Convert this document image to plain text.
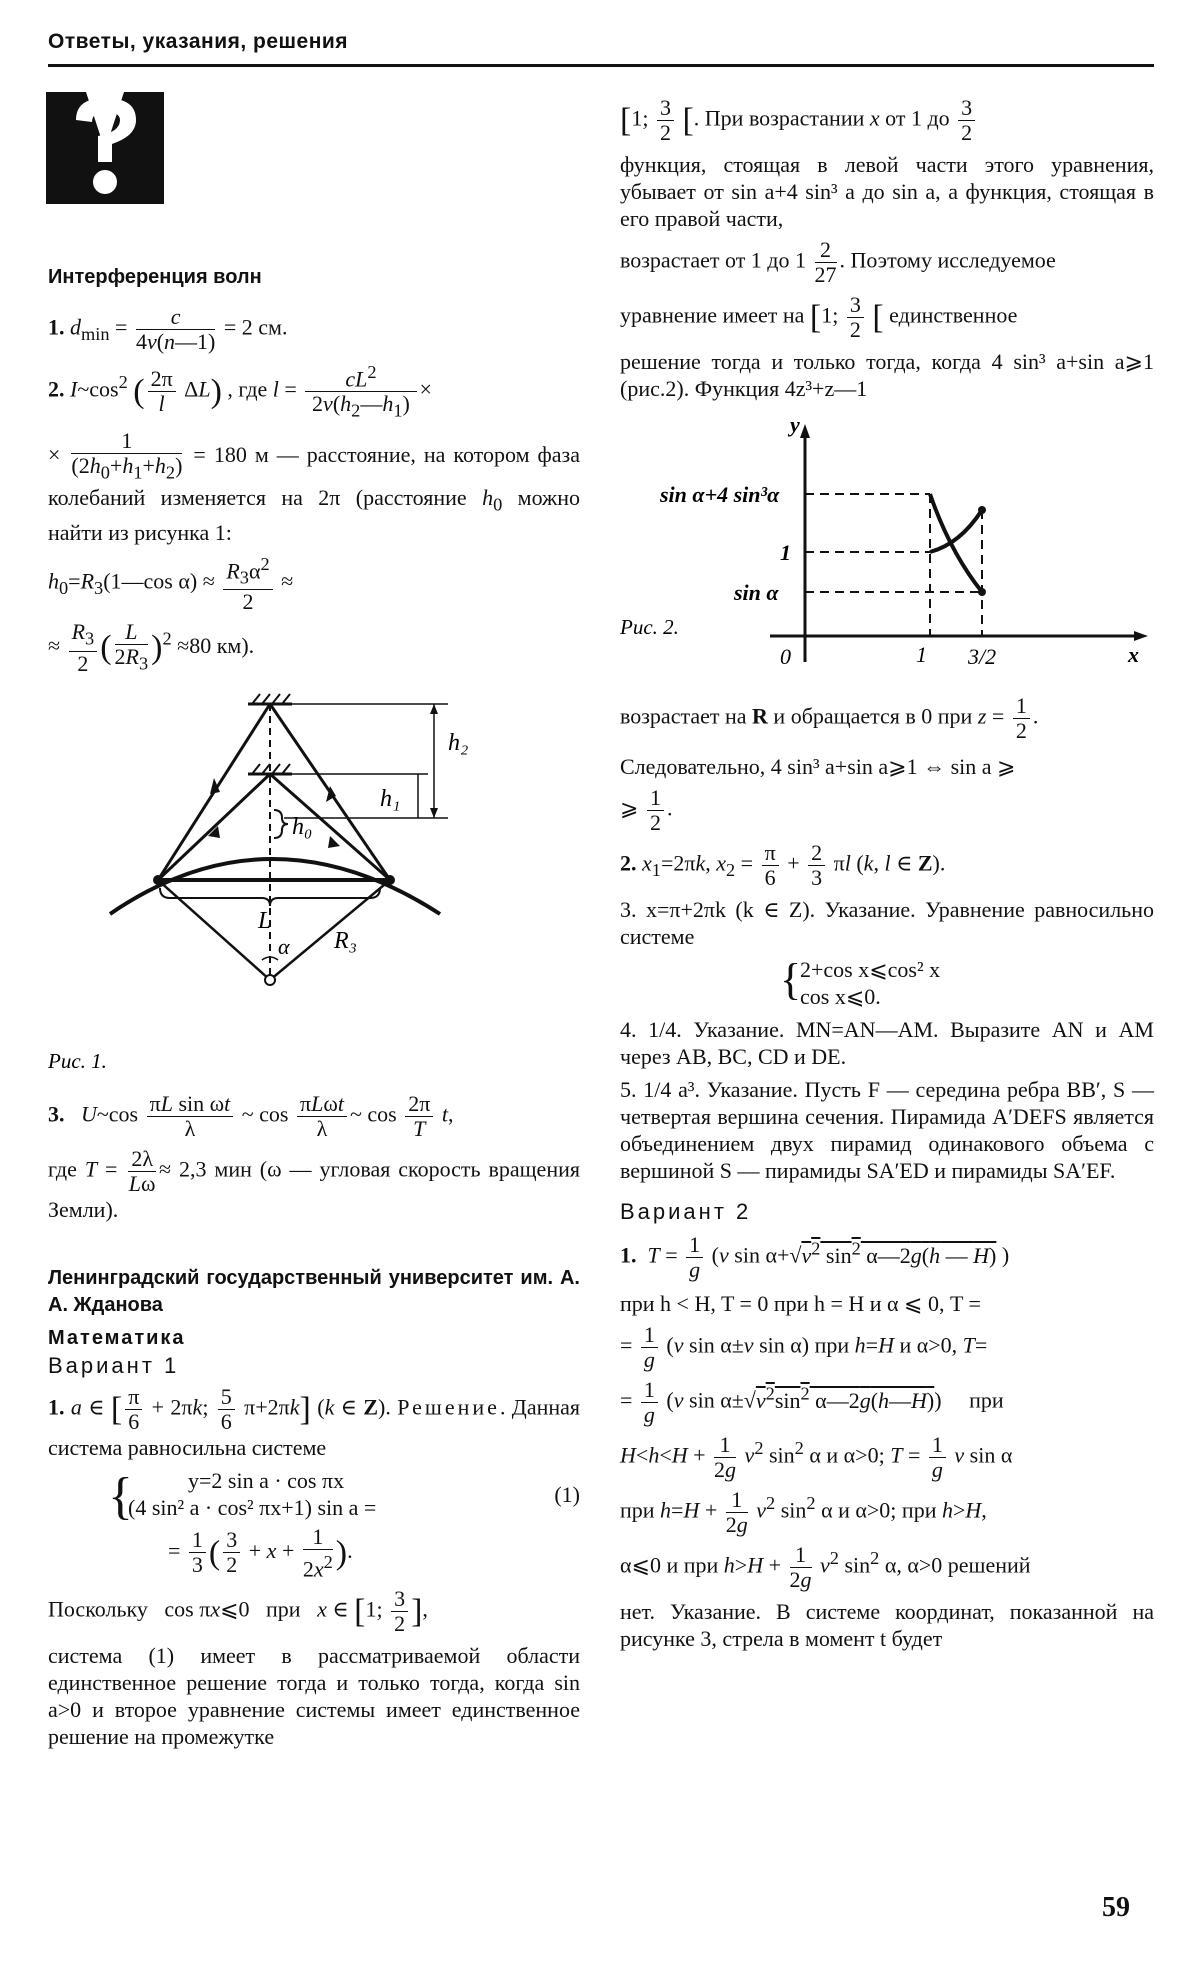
Ответы, указания, решения

Интерференция волн

1. $d_{min} = \frac{c}{4\nu(n—1)} = 2$ см.

2. $I\sim\cos^2$ ( $\frac{2\pi}{l} \Delta L$) , где $l = \frac{cL^2}{2\nu(h_2—h_1)}$ ×

× $\frac{1}{(2h_0+h_1+h_2)} = 180$ м — расстояние, на котором фаза колебаний изменяется на 2π (расстояние $h_0$ можно найти из рисунка 1:

$h_0=R_3(1—\cos$ $\alpha) \approx \frac{R_3\alpha^2}{2}$ ≈

≈ $\frac{R_3}{2}$ ( $\frac{L}{2R_3} )^2 \approx 80$ км).

h₂
h₁
h₀
L
R₃
α
Рис. 1.

3. U~cos $\frac{\text{πL sin ωt}}{\lambda}$ ~ cos πLωt
λ
~ $\cos \frac{2\pi}{T} t$,

где $T = \frac{2\lambda}{L\omega} \approx 2,3$ мин (ω — угловая скорость вращения Земли).

Ленинградский государственный университет им. А. А. Жданова

Математика

Вариант 1

1. a ∈ [ $\frac{\pi}{6} + 2\pi k$; $\frac{5}{6} \pi+2\pi k$] (k ∈ Z). Решение. Данная система равносильна системе

{	y=2 sin a · cos πx
(4 sin² a · cos² πx+1) sin a =
(1)

= $\frac{1}{3}$ ( $\frac{3}{2} + x + \frac{1}{2x^2}$ ).

Поскольку   cos πx⩽0   при   x ∈ [1; $\frac{3}{2}$ ],

система (1) имеет в рассматриваемой области единственное решение тогда и только тогда, когда sin a>0 и второе уравнение системы имеет единственное решение на промежутке

[1; $\frac{3}{2}$ [. При возрастании x от 1 до $\frac{3}{2}$

функция, стоящая в левой части этого уравнения, убывает от sin a+4 sin³ a до sin a, а функция, стоящая в его правой части,

возрастает от 1 до $1 \frac{2}{27}$ . Поэтому исследуемое

уравнение имеет на [1; $\frac{3}{2}$ [ единственное

решение тогда и только тогда, когда 4 sin³ a+sin a⩾1 (рис.2). Функция 4z³+z—1

y
x
sin α+4 sin³α
1
sin α
0	1 3/2
Рис. 2.

возрастает на R и обращается в 0 при $z = \frac{1}{2}$ .

Следовательно, 4 sin³ a+sin a⩾1 ⇔ sin a ⩾

⩾ $\frac{1}{2}$ .

2. $x_1=2\pi k$, $x_2 = \frac{\pi}{6} + \frac{2}{3}$ πl (k, l ∈ Z).

3. x=π+2πk (k ∈ Z). Указание. Уравнение равносильно системе

{
2+cos x⩽cos² x
cos x⩽0.

4. 1/4. Указание. MN=AN—AM. Выразите AN и AM через AB, BC, CD и DE.

5. 1/4 a³. Указание. Пусть F — середина ребра BB′, S — четвертая вершина сечения. Пирамида A′DEFS является объединением двух пирамид одинакового объема с вершиной S — пирамиды SA′ED и пирамиды SA′EF.

Вариант 2

1. $T = \frac{1}{g} (v$ $\sin \alpha+√v^2$ $\sin^2$ α—2g(h — H) )

при h < H, T = 0 при h = H и α ⩽ 0, T =

= $\frac{1}{g} (v$ sin α±v sin α) при h=H и α>0, T=

= $\frac{1}{g} (v$ $\sin \alpha\pm√v^2\sin^2$ α—2g(h—H))     при

$H<h<H + \frac{1}{2g} v^2$ $\sin^2 \alpha$ и α>0; $T = \frac{1}{g}$ v sin α

при $h=H + \frac{1}{2g} v^2$ $\sin^2 \alpha$ и α>0; при h>H,

α⩽0 и при $h>H + \frac{1}{2g} v^2$ $\sin^2 \alpha$, α>0 решений

нет. Указание. В системе координат, показанной на рисунке 3, стрела в момент t будет

59
